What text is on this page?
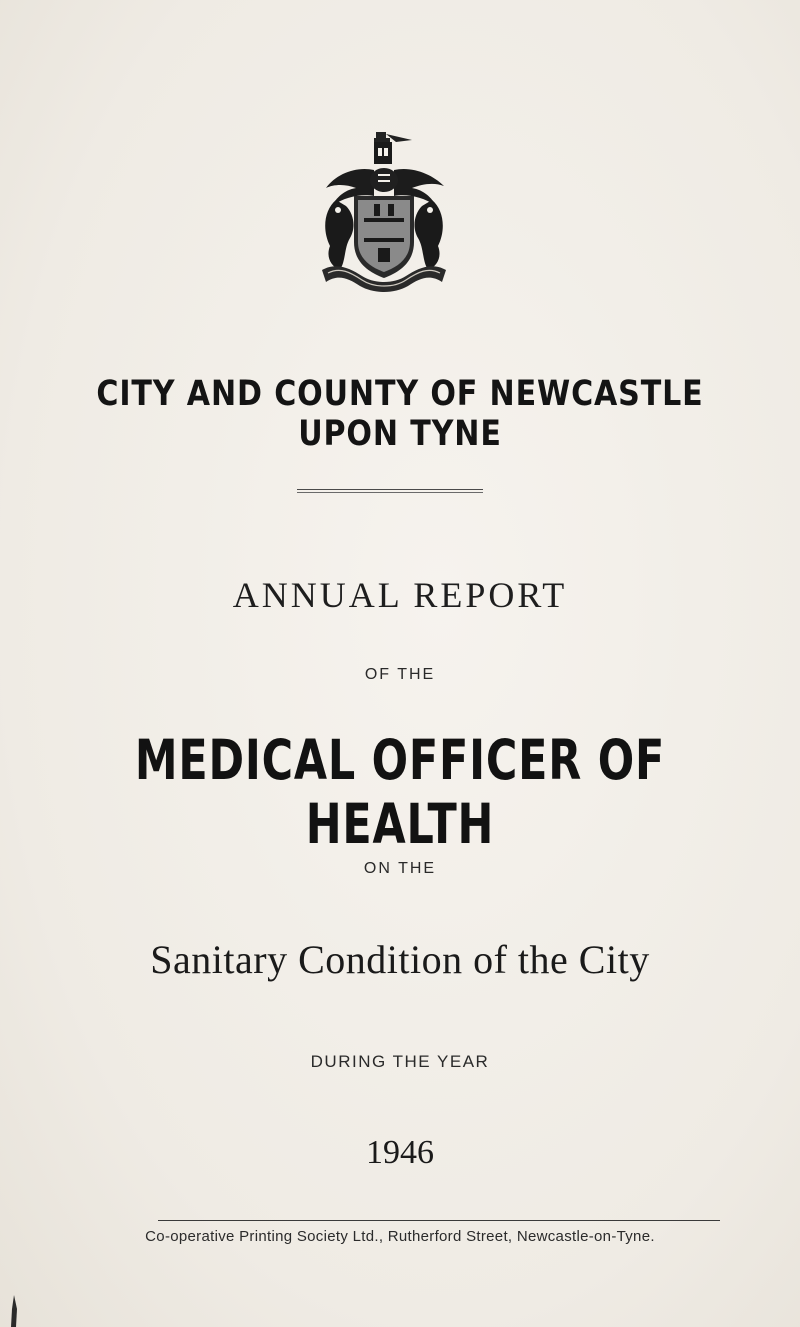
CITY AND COUNTY OF NEWCASTLE UPON TYNE
ANNUAL REPORT
OF THE
MEDICAL OFFICER OF HEALTH
ON THE
Sanitary Condition of the City
DURING THE YEAR
1946
Co-operative Printing Society Ltd., Rutherford Street, Newcastle-on-Tyne.
